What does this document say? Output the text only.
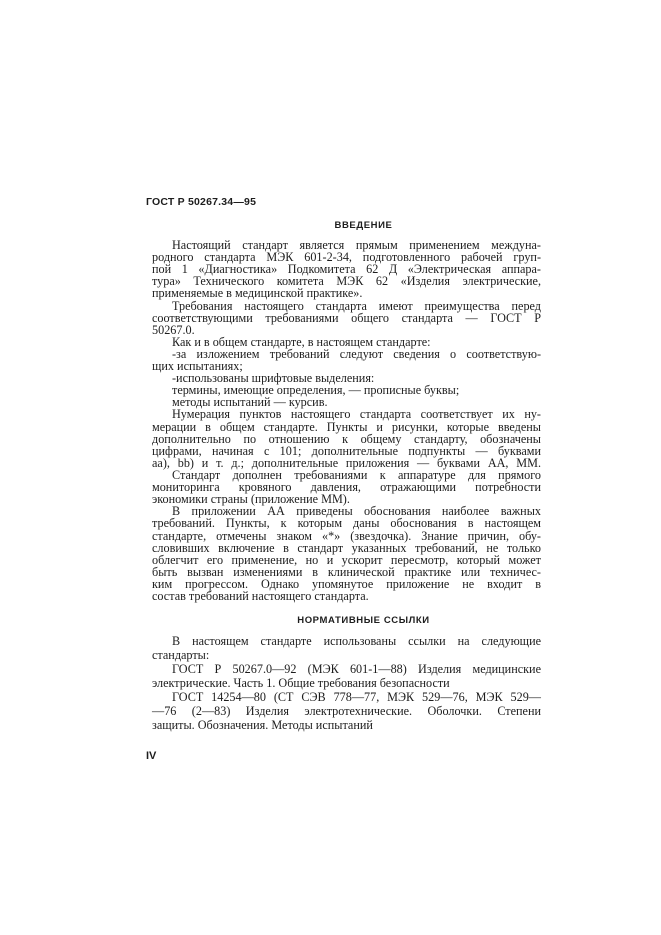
ГОСТ Р 50267.34—95
ВВЕДЕНИЕ
Настоящий стандарт является прямым применением междуна-
родного стандарта МЭК 601-2-34, подготовленного рабочей груп-
пой 1 «Диагностика» Подкомитета 62 Д «Электрическая аппара-
тура» Технического комитета МЭК 62 «Изделия электрические,
применяемые в медицинской практике».
Требования настоящего стандарта имеют преимущества перед
соответствующими требованиями общего стандарта — ГОСТ Р
50267.0.
Как и в общем стандарте, в настоящем стандарте:
-за изложением требований следуют сведения о соответствую-
щих испытаниях;
-использованы шрифтовые выделения:
термины, имеющие определения, — прописные буквы;
методы испытаний — курсив.
Нумерация пунктов настоящего стандарта соответствует их ну-
мерации в общем стандарте. Пункты и рисунки, которые введены
дополнительно по отношению к общему стандарту, обозначены
цифрами, начиная с 101; дополнительные подпункты — буквами
аа), bb) и т. д.; дополнительные приложения — буквами АА, ММ.
Стандарт дополнен требованиями к аппаратуре для прямого
мониторинга кровяного давления, отражающими потребности
экономики страны (приложение ММ).
В приложении АА приведены обоснования наиболее важных
требований. Пункты, к которым даны обоснования в настоящем
стандарте, отмечены знаком «*» (звездочка). Знание причин, обу-
словивших включение в стандарт указанных требований, не только
НОРМАТИВНЫЕ ССЫЛКИ
В настоящем стандарте использованы ссылки на следующие
стандарты:
ГОСТ Р 50267.0—92 (МЭК 601-1—88) Изделия медицинские
электрические. Часть 1. Общие требования безопасности
ГОСТ 14254—80 (СТ СЭВ 778—77, МЭК 529—76, МЭК 529—
—76 (2—83) Изделия электротехнические. Оболочки. Степени
защиты. Обозначения. Методы испытаний
IV
облегчит его применение, но и ускорит пересмотр, который может
быть вызван изменениями в клинической практике или техничес-
ким прогрессом. Однако упомянутое приложение не входит в
состав требований настоящего стандарта.
